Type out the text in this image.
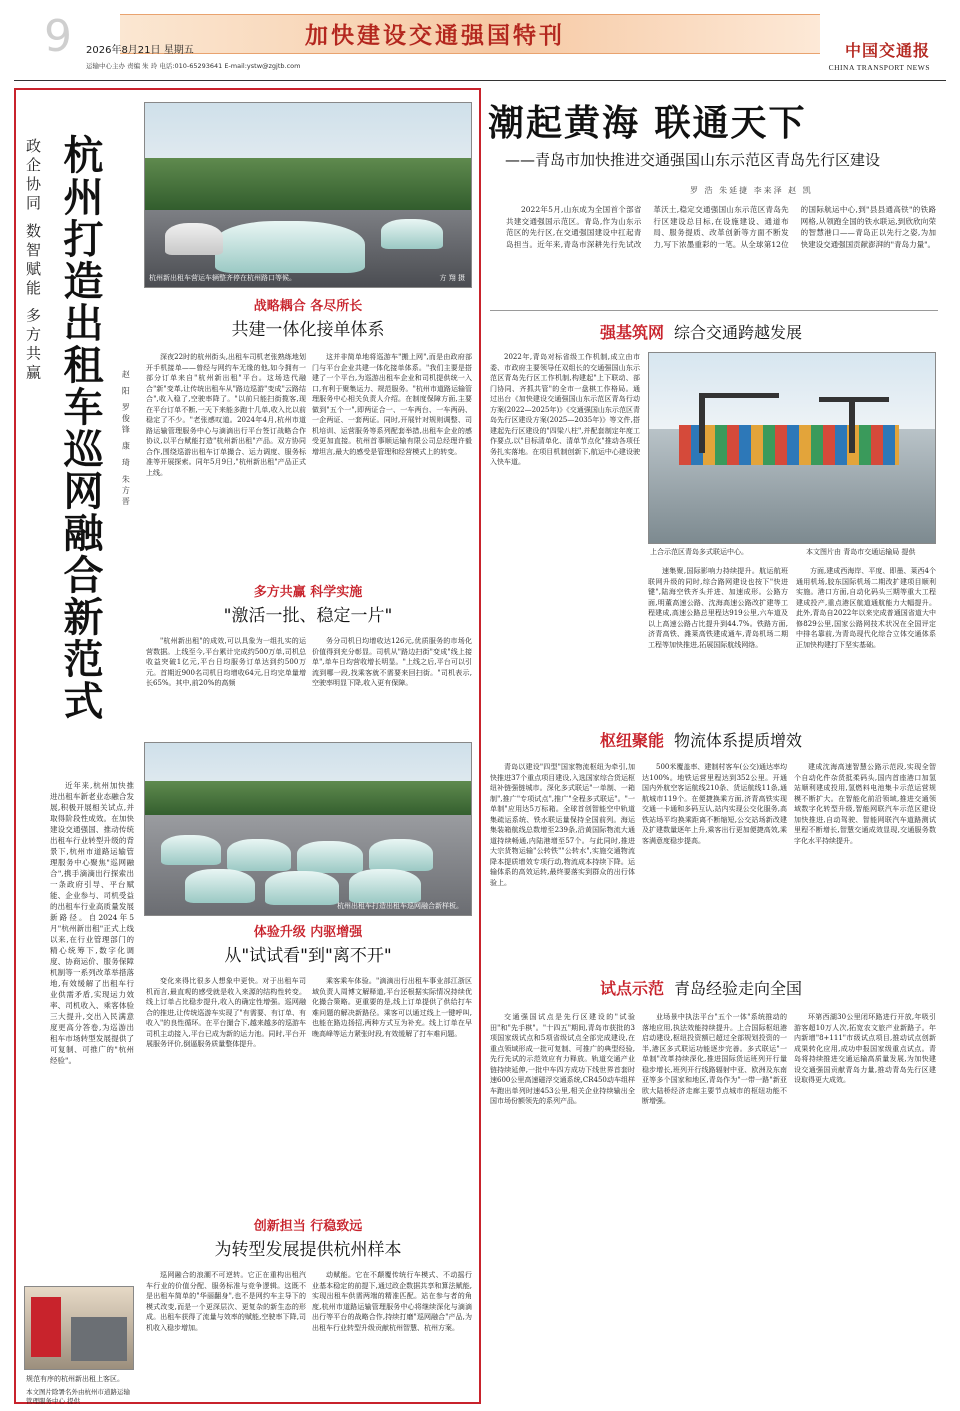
9	加快建设交通强国特刊
2026年8月21日 星期五
运输中心主办 责编 朱 玲 电话:010-65293641 E-mail:ystw@zgjtb.com
中国交通报
CHINA TRANSPORT NEWS
杭州打造出租车巡网融合新范式
政企协同 数智赋能 多方共赢	杭州新出租车营运车辆整齐停在杭州路口等候。	方 翔 摄
赵 阳 罗俊锋 康 琦 朱方晋
战略耦合 各尽所长
共建一体化接单体系

深夜22时的杭州街头,出租车司机老张熟练地划开手机接单——曾经与网约车无缘的他,如今拥有一部分订单来自"杭州新出租"平台。这场迭代融合"新"变革,让传统出租车从"路边巡游"变成"云路结合",收入稳了,空驶率降了。"以前只能扫街揽客,现在平台订单不断,一天下来能多跑十几单,收入比以前稳定了不少。"老张感叹道。2024年4月,杭州市道路运输管理服务中心与滴滴出行平台签订战略合作协议,以平台赋能打造"杭州新出租"产品。双方协同合作,围绕巡游出租车订单撮合、运力调度、服务标准等开展探索。同年5月9日,"杭州新出租"产品正式上线。

这并非简单地将巡游车"搬上网",而是由政府部门与平台企业共建一体化接单体系。"我们主要是搭建了一个平台,为巡游出租车企业和司机提供统一入口,有利于聚集运力、规范服务。"杭州市道路运输管理服务中心相关负责人介绍。在制度保障方面,主要做到"五个一",即两证合一、一车两台、一车两码、一企两证、一套两证。同时,开展针对规则调整、司机培训、运营服务等系列配套举措,出租车企业的感受更加直接。杭州首事顺运输有限公司总经理许毅增坦言,最大的感受是管理和经营模式上的转变。

多方共赢 科学实施
"激活一批、稳定一片"

"杭州新出租"的成效,可以具象为一组扎实的运营数据。上线至今,平台累计完成约500万单,司机总收益突破1亿元,平台日均服务订单达到约500万元。首期近900名司机日均增收64元,日均完单量增长65%。其中,前20%的高频

务分司机日均增收达126元,优质服务的市场化价值得到充分彰显。司机从"路边扫街"变成"线上接单",单车日均营收增长明显。"上线之后,平台可以引流到哪一段,找乘客就不需要来回扫街。"司机表示,空驶率明显下降,收入更有保障。

杭州出租车打造出租车巡网融合新样板。
体验升级 内驱增强
从"试试看"到"离不开"

变化来得比很多人想象中更快。对于出租车司机而言,最直观的感受就是收入来源的结构性转变。线上订单占比稳步提升,收入的确定性增强。巡网融合的推进,让传统巡游车实现了"有需要、有订单、有收入"的良性循环。在平台撮合下,越来越多的巡游车司机主动接入,平台已成为新的运力池。同时,平台开展服务评价,倒逼服务质量整体提升。

乘客乘车体验。"滴滴出行出租车事业部江浙区域负责人周博文解释道,平台还根据实际情况持续优化撮合策略。更重要的是,线上订单提供了供给打车难问题的解决新路径。乘客可以通过线上一键呼叫,也能在路边扬招,两种方式互为补充。线上订单在早晚高峰等运力紧张时段,有效缓解了打车难问题。

创新担当 行稳致远
为转型发展提供杭州样本

巡网融合的浪潮不可逆转。它正在重构出租汽车行业的价值分配、服务标准与竞争逻辑。这既不是出租车简单的"华丽翻身",也不是网约车主导下的模式改变,而是一个更深层次、更复杂的新生态的形成。出租车获得了流量与效率的赋能,空驶率下降,司机收入稳步增加。

动赋能。它在不颠覆传统行车模式、不动摇行业基本稳定的前提下,通过政企数据共享和算法赋能,实现出租车供需两端的精准匹配。站在参与者的角度,杭州市道路运输管理服务中心将继续深化与滴滴出行等平台的战略合作,持续打磨"巡网融合"产品,为出租车行业转型升级贡献杭州智慧、杭州方案。

近年来,杭州加快推进出租车新老业态融合发展,积极开展相关试点,并取得阶段性成效。在加快建设交通强国、推动传统出租车行业转型升级的背景下,杭州市道路运输管理服务中心聚焦"巡网融合",携手滴滴出行探索出一条政府引导、平台赋能、企业参与、司机受益的出租车行业高质量发展新路径。自2024年5月"杭州新出租"正式上线以来,在行业管理部门的精心统筹下,数字化调度、协商运价、服务保障机制等一系列改革举措落地,有效缓解了出租车行业供需矛盾,实现运力效率、司机收入、乘客体验三大提升,交出入民满意度更高分答卷,为巡游出租车市场转型发展提供了可复制、可推广的"杭州经验"。

规范有序的杭州新出租上客区。
本文图片除署名外由杭州市道路运输管理服务中心 提供
潮起黄海 联通天下
——青岛市加快推进交通强国山东示范区青岛先行区建设
罗 浩 朱延捷 李来泽 赵 凯

2022年5月,山东成为全国首个部省共建交通强国示范区。青岛,作为山东示范区的先行区,在交通强国建设中扛起青岛担当。近年来,青岛市深耕先行先试改革沃土,稳定交通强国山东示范区青岛先行区建设总目标,在设施建设、通道布局、服务提质、改革创新等方面不断发力,写下浓墨重彩的一笔。从全球第12位的国际航运中心,到"县县通高铁"的铁路网格,从领跑全国的铁水联运,到欣欣向荣的智慧港口——青岛正以先行之姿,为加快建设交通强国贡献澎湃的"青岛力量"。

强基筑网 综合交通跨越发展

2022年,青岛对标省级工作机制,成立由市委、市政府主要领导任双组长的交通强国山东示范区青岛先行区工作机制,构建起"上下联动、部门协同、齐抓共管"的全市一盘棋工作格局。通过出台《加快建设交通强国山东示范区青岛行动方案(2022—2025年)》《交通强国山东示范区青岛先行区建设方案(2025—2035年)》等文件,搭建起先行区建设的"四梁八柱",并配套制定年度工作要点,以"目标清单化、清单节点化"推动各项任务扎实落地。在项目机制创新下,航运中心建设驶入快车道。

上合示范区青岛多式联运中心。	本文图片由 青岛市交通运输局 提供

速集聚,国际影响力持续提升。航运航班联网升级的同时,综合路网建设也按下"快进键",陆海空铁齐头并进、加速成形。公路方面,明董高速公路、沈海高速公路改扩建等工程建成,高速公路总里程达919公里,六车道及以上高速公路占比提升到44.7%。铁路方面,济青高铁、潍莱高铁建成通车,青岛机场二期工程等加快推进,拓展国际航线网络。

方面,建成西海岸、平度、即墨、莱西4个通用机场,胶东国际机场二期改扩建项目顺利实施。港口方面,自动化码头三期等重大工程建成投产,重点港区航道通航能力大幅提升。此外,青岛自2022年以来完成普通国省道大中修829公里,国家公路网技术状况在全国评定中排名靠前,为青岛现代化综合立体交通体系正加快构建打下坚实基础。

枢纽聚能 物流体系提质增效

青岛以建设"四型"国家物流枢纽为牵引,加快推进37个重点项目建设,入选国家综合货运枢纽补链强链城市。深化多式联运"一单制、一箱制",推广"专项试点",推广"全程多式联运"。"一单制"应用达5万标箱。全球首创智能空中轨道集疏运系统、铁水联运量保持全国前列。海运集装箱航线总数增至239条,沿黄国际物流大通道持续畅通,内陆港增至57个。与此同时,推进大宗货物运输"公转铁""公转水",实施交通物流降本提质增效专项行动,物流成本持续下降。运输体系的高效运转,最终要落实到群众的出行体验上。

500米覆盖率、建制村客车(公交)通达率均达100%。地铁运营里程达到352公里。开通国内外航空客运航线210条、货运航线11条,通航城市119个。在便捷换乘方面,济青高铁实现交通一卡通和多码互认,站内实现公交化服务,高铁站场平均换乘距离不断缩短,公交站场新改建及扩建数量逐年上升,乘客出行更加便捷高效,乘客满意度稳步提高。

建成沈海高速智慧公路示范段,实现全智个自动化件杂货抵柔码头,国内首座港口加氢站顺利建成投用,氢燃料电池集卡示范运营规模不断扩大。在智能化前沿领域,推进交通领域数字化转型升级,智能网联汽车示范区建设加快推进,自动驾驶、智能网联汽车道路测试里程不断增长,智慧交通成效显现,交通服务数字化水平持续提升。

试点示范 青岛经验走向全国

交通强国试点是先行区建设的"试验田"和"先手棋"。"十四五"期间,青岛市获批的3项国家级试点和5项省级试点全部完成建设,在重点领域形成一批可复制、可推广的典型经验,先行先试的示范效应有力释放。轨道交通产业链持续延伸,一批中车四方成功下线世界首套时速600公里高速磁浮交通系统,CR450动车组样车跑出单列时速453公里,相关企业持续输出全国市场份额领先的系列产品。

业场景中执法平台"五个一体"系统推动的落地应用,执法效能持续提升。上合国际枢纽港启动建设,枢纽投资额已超过全部规划投资的一半,港区多式联运功能逐步完善。多式联运"一单制"改革持续深化,推进国际货运班列开行量稳步增长,班列开行线路辐射中亚、欧洲及东南亚等多个国家和地区,青岛作为"一带一路"新亚欧大陆桥经济走廊主要节点城市的枢纽功能不断增强。

环第西湖30公里闭环路进行开放,年吸引游客超10万人次,拓宽农文旅产业新路子。年内新增"8+111"市级试点项目,推动试点创新成果转化应用,成功申报国家级重点试点。青岛将持续推进交通运输高质量发展,为加快建设交通强国贡献青岛力量,推动青岛先行区建设取得更大成效。
